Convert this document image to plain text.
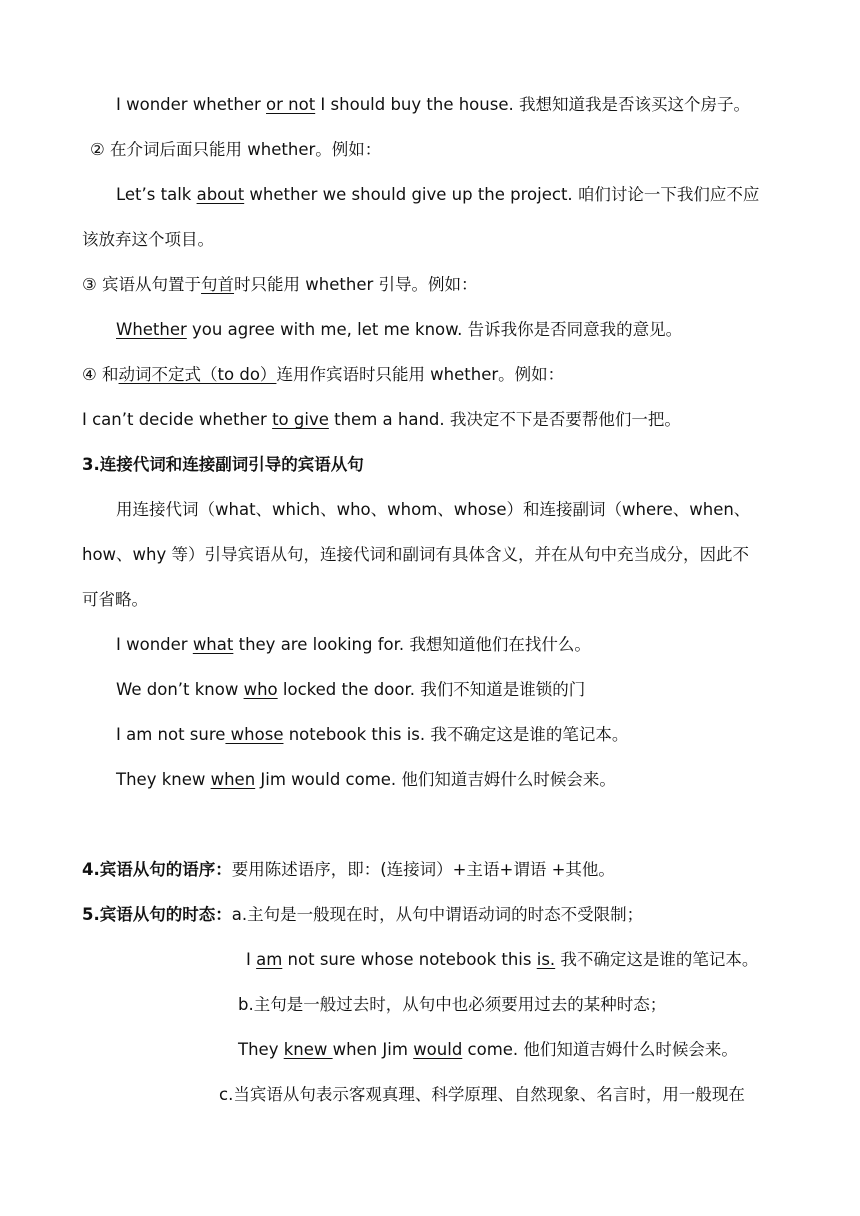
I wonder whether or not I should buy the house. 我想知道我是否该买这个房子。
② 在介词后面只能用 whether。例如：
Let’s talk about whether we should give up the project. 咱们讨论一下我们应不应
该放弃这个项目。
③ 宾语从句置于句首时只能用 whether 引导。例如：
Whether you agree with me, let me know. 告诉我你是否同意我的意见。
④ 和动词不定式（to do）连用作宾语时只能用 whether。例如：
I can’t decide whether to give them a hand. 我决定不下是否要帮他们一把。
3.连接代词和连接副词引导的宾语从句
用连接代词（what、which、who、whom、whose）和连接副词（where、when、
how、why 等）引导宾语从句，连接代词和副词有具体含义，并在从句中充当成分，因此不
可省略。
I wonder what they are looking for. 我想知道他们在找什么。
We don’t know who locked the door. 我们不知道是谁锁的门
I am not sure whose notebook this is. 我不确定这是谁的笔记本。
They knew when Jim would come. 他们知道吉姆什么时候会来。
4.宾语从句的语序：要用陈述语序，即：(连接词）+主语+谓语 +其他。
5.宾语从句的时态：a.主句是一般现在时，从句中谓语动词的时态不受限制；
I am not sure whose notebook this is. 我不确定这是谁的笔记本。
b.主句是一般过去时，从句中也必须要用过去的某种时态；
They knew when Jim would come. 他们知道吉姆什么时候会来。
c.当宾语从句表示客观真理、科学原理、自然现象、名言时，用一般现在
